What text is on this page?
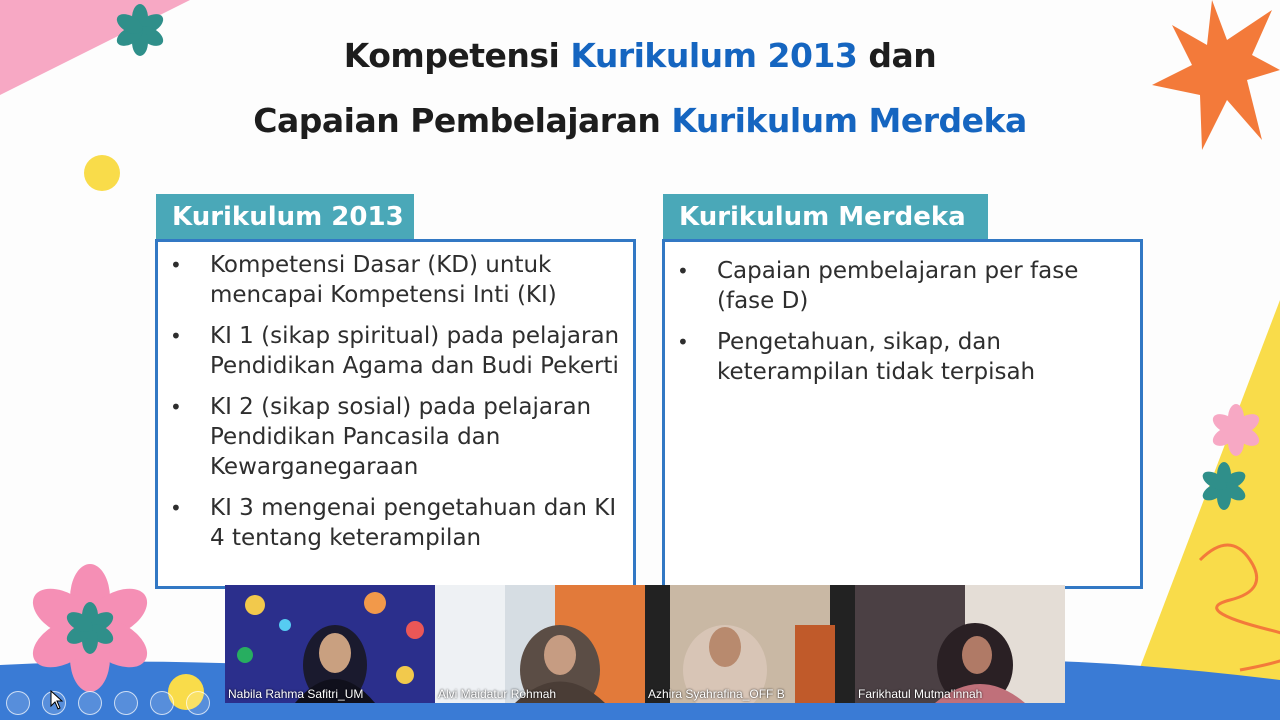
Kompetensi Kurikulum 2013 dan
Capaian Pembelajaran Kurikulum Merdeka
Kurikulum 2013
• Kompetensi Dasar (KD) untuk mencapai Kompetensi Inti (KI)
• KI 1 (sikap spiritual) pada pelajaran Pendidikan Agama dan Budi Pekerti
• KI 2 (sikap sosial) pada pelajaran Pendidikan Pancasila dan Kewarganegaraan
• KI 3 mengenai pengetahuan dan KI 4 tentang keterampilan
Kurikulum Merdeka
• Capaian pembelajaran per fase (fase D)
• Pengetahuan, sikap, dan keterampilan tidak terpisah
Nabila Rahma Safitri_UM	Alvi Maidatur Rohmah	Azhira Syahrafina_OFF B	Farikhatul Mutma'innah
